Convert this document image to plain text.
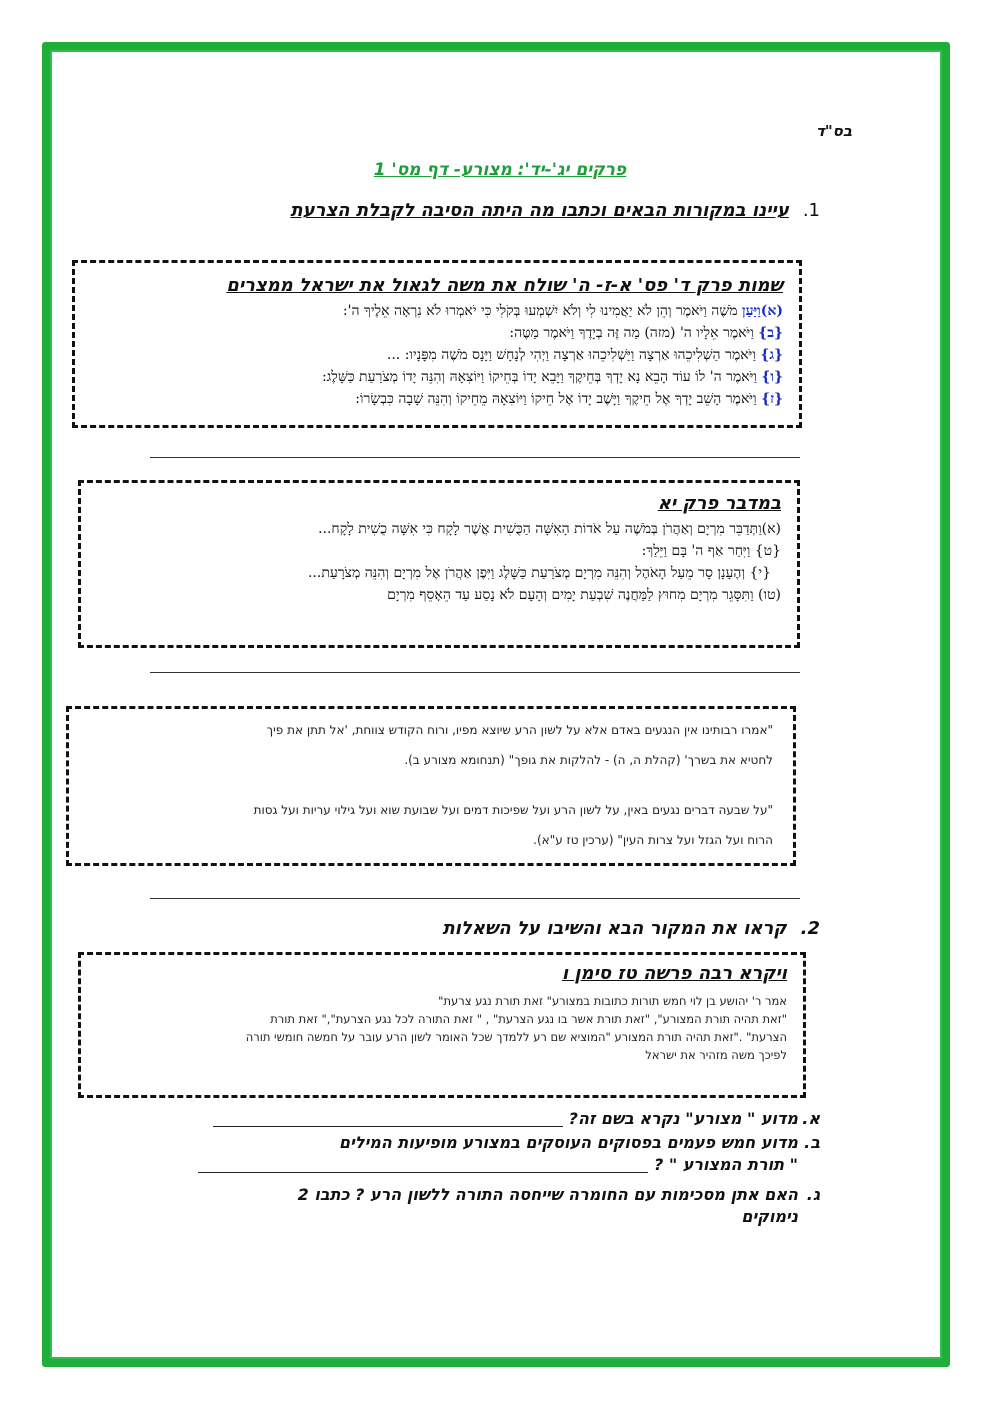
בס"ד
פרקים יג'-יד': מצורע- דף מס' 1
1.עיינו במקורות הבאים וכתבו מה היתה הסיבה לקבלת הצרעת

שמות פרק ד' פס' א-ז- ה' שולח את משה לגאול את ישראל ממצרים

(א)וַיַּעַן מֹשֶׁה וַיֹּאמֶר וְהֵן לֹא יַאֲמִינוּ לִי וְלֹא יִשְׁמְעוּ בְּקֹלִי כִּי יֹאמְרוּ לֹא נִרְאָה אֵלֶיךָ ה':

{ב} וַיֹּאמֶר אֵלָיו ה' (מזה) מַה זֶּה בְיָדֶךָ וַיֹּאמֶר מַטֶּה:

{ג} וַיֹּאמֶר הַשְׁלִיכֵהוּ אַרְצָה וַיַּשְׁלִיכֵהוּ אַרְצָה וַיְהִי לְנָחָשׁ וַיָּנָס מֹשֶׁה מִפָּנָיו: ...

{ו} וַיֹּאמֶר ה' לוֹ עוֹד הָבֵא נָא יָדְךָ בְּחֵיקֶךָ וַיָּבֵא יָדוֹ בְּחֵיקוֹ וַיּוֹצִאָהּ וְהִנֵּה יָדוֹ מְצֹרַעַת כַּשָּׁלֶג:

{ז} וַיֹּאמֶר הָשֵׁב יָדְךָ אֶל חֵיקֶךָ וַיָּשֶׁב יָדוֹ אֶל חֵיקוֹ וַיּוֹצִאָהּ מֵחֵיקוֹ וְהִנֵּה שָׁבָה כִּבְשָׂרוֹ:

במדבר פרק יא

(א)וַתְּדַבֵּר מִרְיָם וְאַהֲרֹן בְּמֹשֶׁה עַל אֹדוֹת הָאִשָּׁה הַכֻּשִׁית אֲשֶׁר לָקָח כִּי אִשָּׁה כֻשִׁית לָקָח...

{ט} וַיִּחַר אַף ה' בָּם וַיֵּלַךְ:

{י} וְהֶעָנָן סָר מֵעַל הָאֹהֶל וְהִנֵּה מִרְיָם מְצֹרַעַת כַּשָּׁלֶג וַיִּפֶן אַהֲרֹן אֶל מִרְיָם וְהִנֵּה מְצֹרָעַת...

(טו) וַתִּסָּגֵר מִרְיָם מִחוּץ לַמַּחֲנֶה שִׁבְעַת יָמִים וְהָעָם לֹא נָסַע עַד הֵאָסֵף מִרְיָם

"אמרו רבותינו אין הנגעים באדם אלא על לשון הרע שיוצא מפיו, ורוח הקודש צווחת, 'אל תתן את פיך

לחטיא את בשרך' (קהלת ה, ה) - להלקות את גופך" (תנחומא מצורע ב).

"על שבעה דברים נגעים באין, על לשון הרע ועל שפיכות דמים ועל שבועת שוא ועל גילוי עריות ועל גסות

הרוח ועל הגזל ועל צרות העין" (ערכין טז ע"א).

2.קראו את המקור הבא והשיבו על השאלות

ויקרא רבה פרשה טז סימן ו

אמר ר' יהושע בן לוי חמש תורות כתובות במצורע" זאת תורת נגע צרעת"

"זאת תהיה תורת המצורע", "זאת תורת אשר בו נגע הצרעת" , " זאת התורה לכל נגע הצרעת"," זאת תורת

הצרעת" ."זאת תהיה תורת המצורע "המוציא שם רע ללמדך שכל האומר לשון הרע עובר על חמשה חומשי תורה

לפיכך משה מזהיר את ישראל

א.מדוע " מצורע" נקרא בשם זה?
ב.מדוע חמש פעמים בפסוקים העוסקים במצורע מופיעות המילים
" תורת המצורע " ?
ג.האם אתן מסכימות עם החומרה שייחסה התורה ללשון הרע ? כתבו 2
נימוקים
